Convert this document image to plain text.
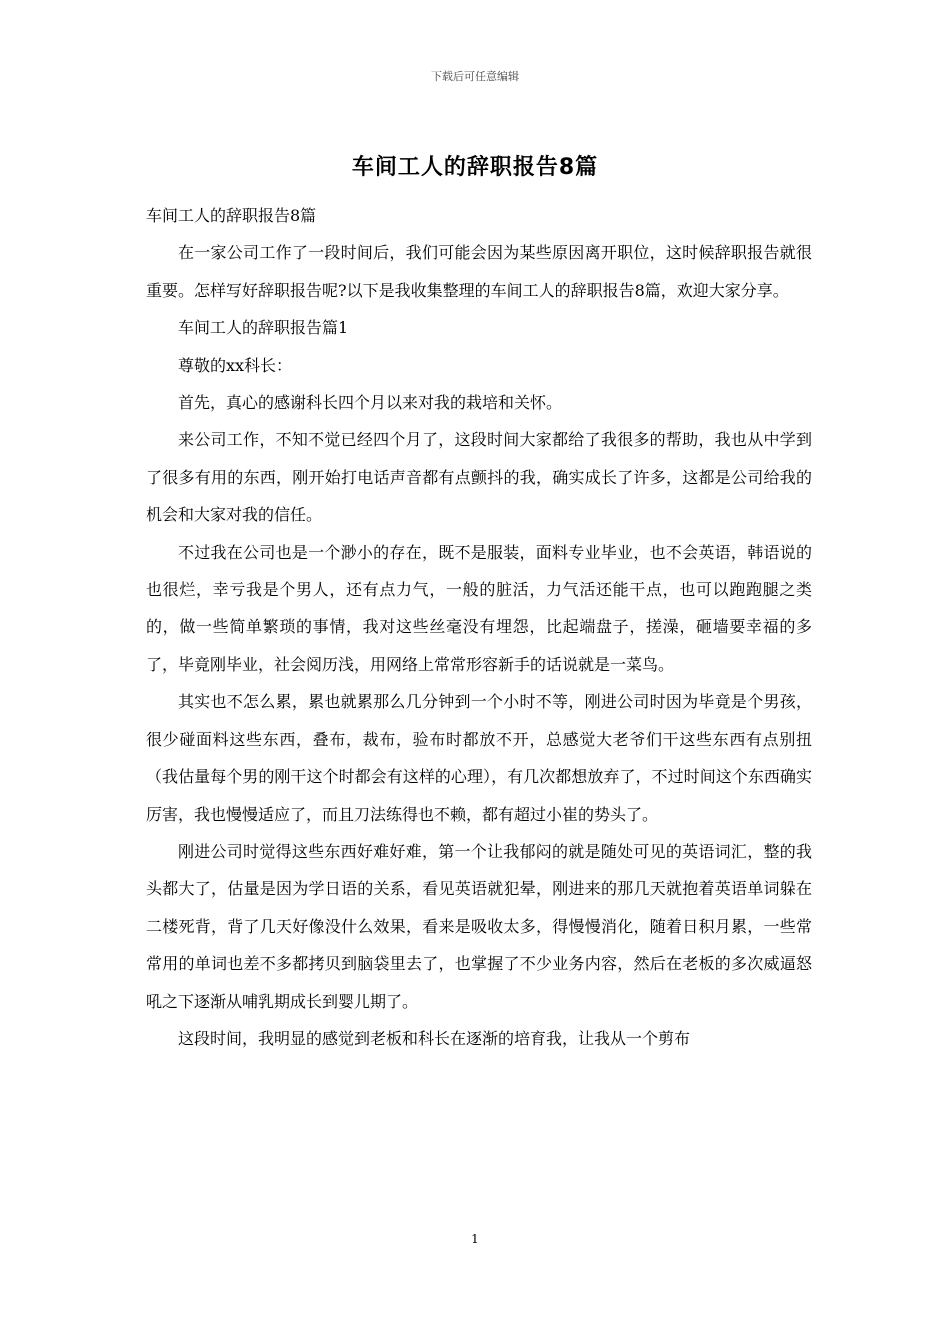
下载后可任意编辑
车间工人的辞职报告8篇

车间工人的辞职报告8篇

在一家公司工作了一段时间后，我们可能会因为某些原因离开职位，这时候辞职报告就很重要。怎样写好辞职报告呢?以下是我收集整理的车间工人的辞职报告8篇，欢迎大家分享。

车间工人的辞职报告篇1

尊敬的xx科长：

首先，真心的感谢科长四个月以来对我的栽培和关怀。

来公司工作，不知不觉已经四个月了，这段时间大家都给了我很多的帮助，我也从中学到了很多有用的东西，刚开始打电话声音都有点颤抖的我，确实成长了许多，这都是公司给我的机会和大家对我的信任。

不过我在公司也是一个渺小的存在，既不是服装，面料专业毕业，也不会英语，韩语说的也很烂，幸亏我是个男人，还有点力气，一般的脏活，力气活还能干点，也可以跑跑腿之类的，做一些简单繁琐的事情，我对这些丝毫没有埋怨，比起端盘子，搓澡，砸墙要幸福的多了，毕竟刚毕业，社会阅历浅，用网络上常常形容新手的话说就是一菜鸟。

其实也不怎么累，累也就累那么几分钟到一个小时不等，刚进公司时因为毕竟是个男孩，很少碰面料这些东西，叠布，裁布，验布时都放不开，总感觉大老爷们干这些东西有点别扭（我估量每个男的刚干这个时都会有这样的心理），有几次都想放弃了，不过时间这个东西确实厉害，我也慢慢适应了，而且刀法练得也不赖，都有超过小崔的势头了。

刚进公司时觉得这些东西好难好难，第一个让我郁闷的就是随处可见的英语词汇，整的我头都大了，估量是因为学日语的关系，看见英语就犯晕，刚进来的那几天就抱着英语单词躲在二楼死背，背了几天好像没什么效果，看来是吸收太多，得慢慢消化，随着日积月累，一些常常用的单词也差不多都拷贝到脑袋里去了，也掌握了不少业务内容，然后在老板的多次威逼怒吼之下逐渐从哺乳期成长到婴儿期了。

这段时间，我明显的感觉到老板和科长在逐渐的培育我，让我从一个剪布

1
